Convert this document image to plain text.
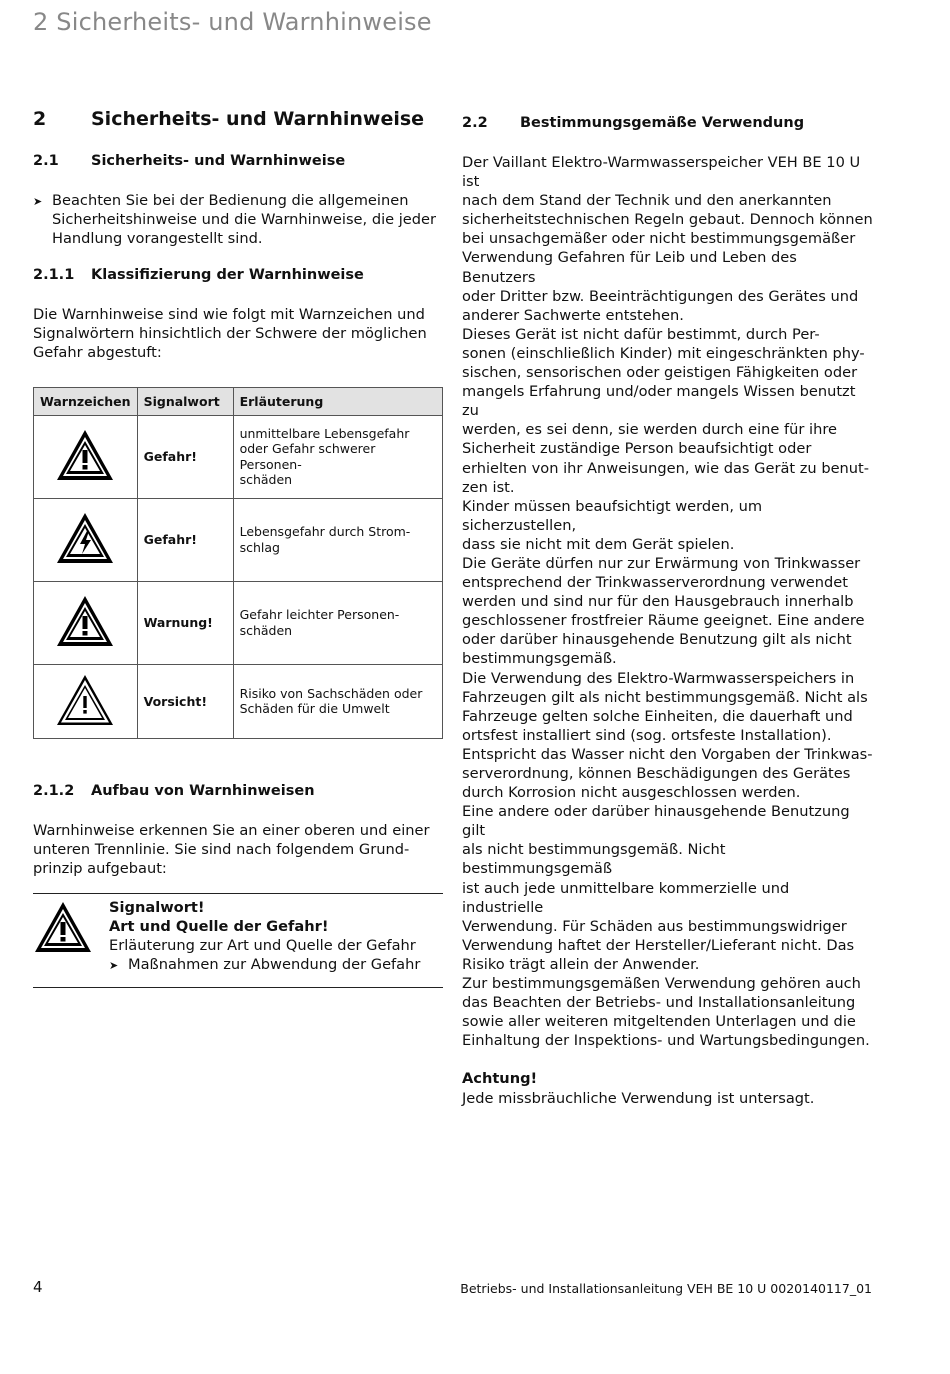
2 Sicherheits- und Warnhinweise
2	Sicherheits- und Warnhinweise
2.1	Sicherheits- und Warnhinweise
➤ Beachten Sie bei der Bedienung die allgemeinen
Sicherheitshinweise und die Warnhinweise, die jeder
Handlung vorangestellt sind.
2.1.1	Klassifizierung der Warnhinweise
Die Warnhinweise sind wie folgt mit Warnzeichen und
Signalwörtern hinsichtlich der Schwere der möglichen
Gefahr abgestuft:
Warnzeichen	Signalwort	Erläuterung
	Gefahr!	unmittelbare Lebensgefahr
oder Gefahr schwerer Personen-
schäden

	Gefahr!	Lebensgefahr durch Strom-
schlag

	Warnung!	Gefahr leichter Personen-
schäden

	Vorsicht!	Risiko von Sachschäden oder
Schäden für die Umwelt
2.1.2	Aufbau von Warnhinweisen
Warnhinweise erkennen Sie an einer oberen und einer
unteren Trennlinie. Sie sind nach folgendem Grund-
prinzip aufgebaut:
Signalwort!
Art und Quelle der Gefahr!
Erläuterung zur Art und Quelle der Gefahr
➤ Maßnahmen zur Abwendung der Gefahr
2.2	Bestimmungsgemäße Verwendung
Der Vaillant Elektro-Warmwasserspeicher VEH BE 10 U ist
nach dem Stand der Technik und den anerkannten
sicherheitstechnischen Regeln gebaut. Dennoch können
bei unsachgemäßer oder nicht bestimmungsgemäßer
Verwendung Gefahren für Leib und Leben des Benutzers
oder Dritter bzw. Beeinträchtigungen des Gerätes und
anderer Sachwerte entstehen.
Dieses Gerät ist nicht dafür bestimmt, durch Per-
sonen (einschließlich Kinder) mit eingeschränkten phy-
sischen, sensorischen oder geistigen Fähigkeiten oder
mangels Erfahrung und/oder mangels Wissen benutzt zu
werden, es sei denn, sie werden durch eine für ihre
Sicherheit zuständige Person beaufsichtigt oder
erhielten von ihr Anweisungen, wie das Gerät zu benut-
zen ist.
Kinder müssen beaufsichtigt werden, um sicherzustellen,
dass sie nicht mit dem Gerät spielen.
Die Geräte dürfen nur zur Erwärmung von Trinkwasser
entsprechend der Trinkwasserverordnung verwendet
werden und sind nur für den Hausgebrauch innerhalb
geschlossener frostfreier Räume geeignet. Eine andere
oder darüber hinausgehende Benutzung gilt als nicht
bestimmungsgemäß.
Die Verwendung des Elektro-Warmwasserspeichers in
Fahrzeugen gilt als nicht bestimmungsgemäß. Nicht als
Fahrzeuge gelten solche Einheiten, die dauerhaft und
ortsfest installiert sind (sog. ortsfeste Installation).
Entspricht das Wasser nicht den Vorgaben der Trinkwas-
serverordnung, können Beschädigungen des Gerätes
durch Korrosion nicht ausgeschlossen werden.
Eine andere oder darüber hinausgehende Benutzung gilt
als nicht bestimmungsgemäß. Nicht bestimmungsgemäß
ist auch jede unmittelbare kommerzielle und industrielle
Verwendung. Für Schäden aus bestimmungswidriger
Verwendung haftet der Hersteller/Lieferant nicht. Das
Risiko trägt allein der Anwender.
Zur bestimmungsgemäßen Verwendung gehören auch
das Beachten der Betriebs- und Installationsanleitung
sowie aller weiteren mitgeltenden Unterlagen und die
Einhaltung der Inspektions- und Wartungsbedingungen.
Achtung!
Jede missbräuchliche Verwendung ist untersagt.
4	Betriebs- und Installationsanleitung VEH BE 10 U 0020140117_01
